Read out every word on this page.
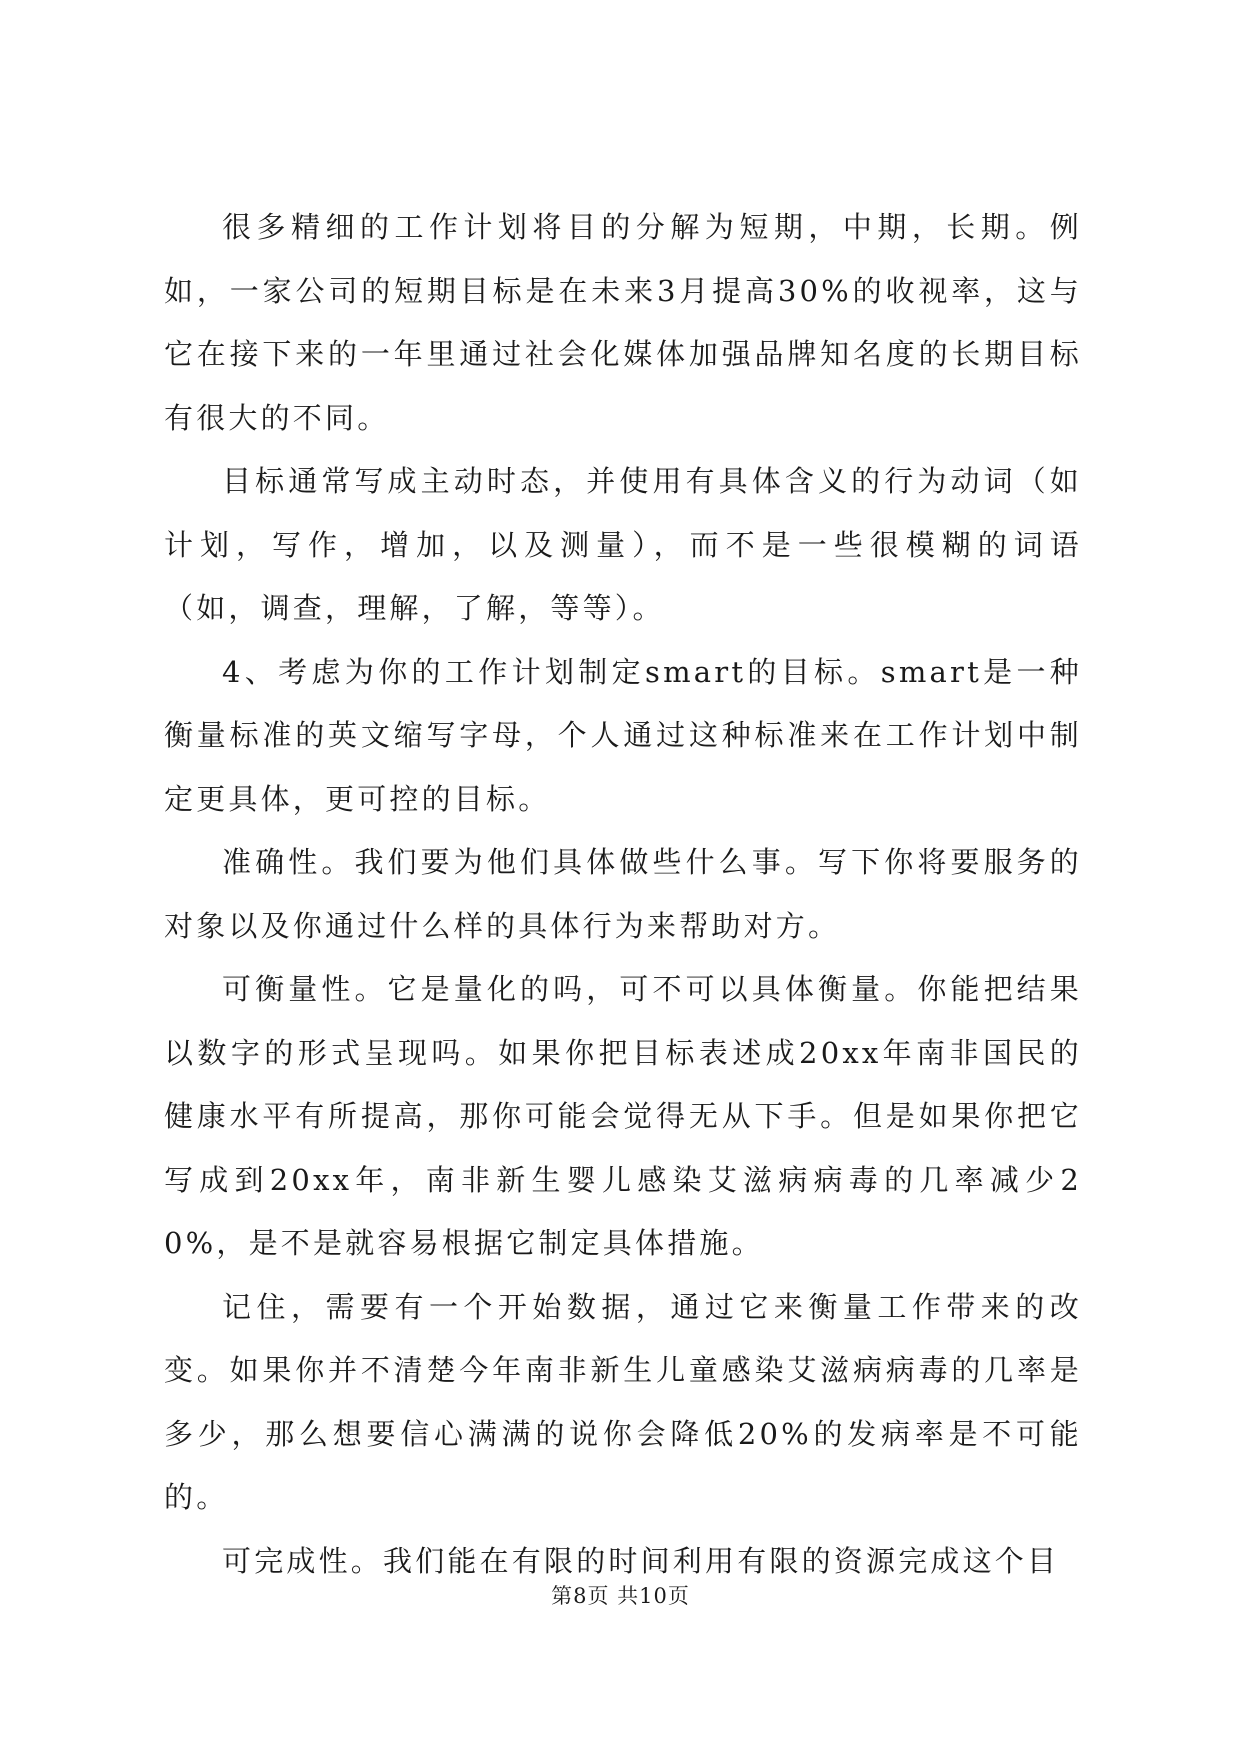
很多精细的工作计划将目的分解为短期，中期，长期。例如，一家公司的短期目标是在未来3月提高30%的收视率，这与它在接下来的一年里通过社会化媒体加强品牌知名度的长期目标有很大的不同。

目标通常写成主动时态，并使用有具体含义的行为动词（如计划，写作，增加，以及测量），而不是一些很模糊的词语（如，调查，理解，了解，等等）。

4、考虑为你的工作计划制定smart的目标。smart是一种衡量标准的英文缩写字母，个人通过这种标准来在工作计划中制定更具体，更可控的目标。

准确性。我们要为他们具体做些什么事。写下你将要服务的对象以及你通过什么样的具体行为来帮助对方。

可衡量性。它是量化的吗，可不可以具体衡量。你能把结果以数字的形式呈现吗。如果你把目标表述成20xx年南非国民的健康水平有所提高，那你可能会觉得无从下手。但是如果你把它写成到20xx年，南非新生婴儿感染艾滋病病毒的几率减少20%，是不是就容易根据它制定具体措施。

记住，需要有一个开始数据，通过它来衡量工作带来的改变。如果你并不清楚今年南非新生儿童感染艾滋病病毒的几率是多少，那么想要信心满满的说你会降低20%的发病率是不可能的。

可完成性。我们能在有限的时间利用有限的资源完成这个目

第8页 共10页
